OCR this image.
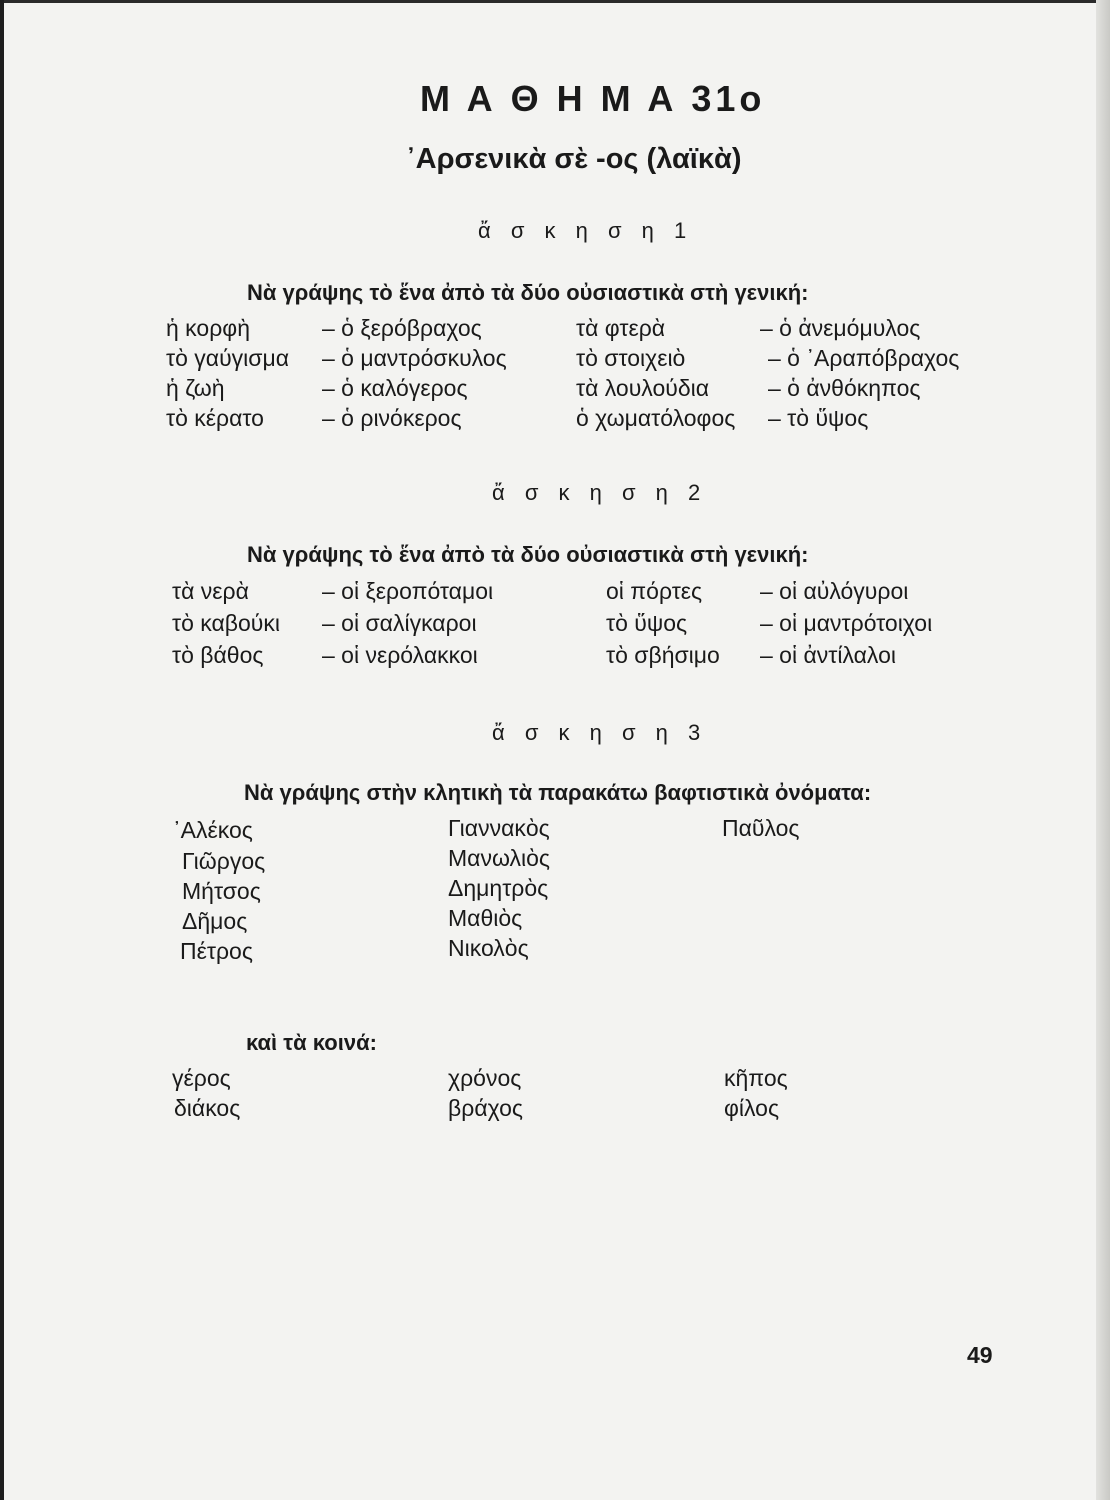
Μ Α Θ Η Μ Α 31ο
᾿Αρσενικὰ σὲ -ος (λαϊκὰ)
ἄ σ κ η σ η 1
Νὰ γράψης τὸ ἕνα ἀπὸ τὰ δύο οὐσιαστικὰ στὴ γενική:
ἡ κορφὴ
τὸ γαύγισμα
ἡ ζωὴ
τὸ κέρατο
– ὁ ξερόβραχος
– ὁ μαντρόσκυλος
– ὁ καλόγερος
– ὁ ρινόκερος
τὰ φτερὰ
τὸ στοιχειὸ
τὰ λουλούδια
ὁ χωματόλοφος
– ὁ ἀνεμόμυλος
– ὁ ᾿Αραπόβραχος
– ὁ ἀνθόκηπος
– τὸ ὕψος
ἄ σ κ η σ η 2
Νὰ γράψης τὸ ἕνα ἀπὸ τὰ δύο οὐσιαστικὰ στὴ γενική:
τὰ νερὰ
τὸ καβούκι
τὸ βάθος
– οἱ ξεροπόταμοι
– οἱ σαλίγκαροι
– οἱ νερόλακκοι
οἱ πόρτες
τὸ ὕψος
τὸ σβήσιμο
– οἱ αὐλόγυροι
– οἱ μαντρότοιχοι
– οἱ ἀντίλαλοι
ἄ σ κ η σ η 3
Νὰ γράψης στὴν κλητικὴ τὰ παρακάτω βαφτιστικὰ ὀνόματα:
᾿Αλέκος
Γιῶργος
Μήτσος
Δῆμος
Πέτρος
Γιαννακὸς
Μανωλιὸς
Δημητρὸς
Μαθιὸς
Νικολὸς
Παῦλος
καὶ τὰ κοινά:
γέρος
διάκος
χρόνος
βράχος
κῆπος
φίλος
49
